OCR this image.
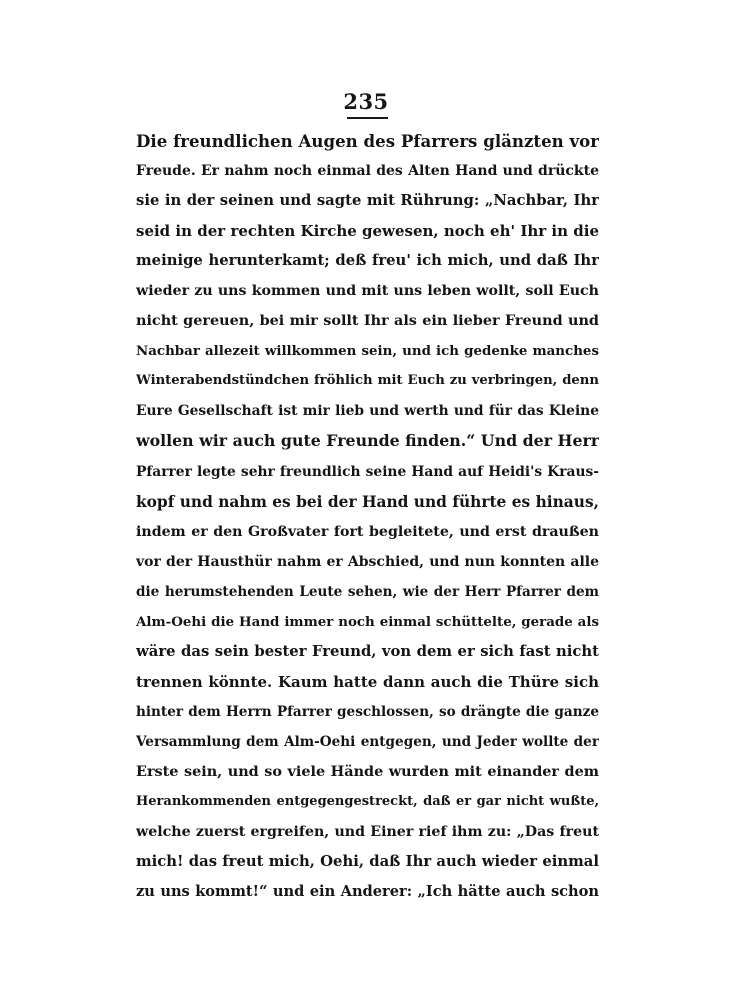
235
Die freundlichen Augen des Pfarrers glänzten vor
Freude. Er nahm noch einmal des Alten Hand und drückte
sie in der seinen und sagte mit Rührung: „Nachbar, Ihr
seid in der rechten Kirche gewesen, noch eh' Ihr in die
meinige herunterkamt; deß freu' ich mich, und daß Ihr
wieder zu uns kommen und mit uns leben wollt, soll Euch
nicht gereuen, bei mir sollt Ihr als ein lieber Freund und
Nachbar allezeit willkommen sein, und ich gedenke manches
Winterabendstündchen fröhlich mit Euch zu verbringen, denn
Eure Gesellschaft ist mir lieb und werth und für das Kleine
wollen wir auch gute Freunde finden.“ Und der Herr
Pfarrer legte sehr freundlich seine Hand auf Heidi's Kraus-
kopf und nahm es bei der Hand und führte es hinaus,
indem er den Großvater fort begleitete, und erst draußen
vor der Hausthür nahm er Abschied, und nun konnten alle
die herumstehenden Leute sehen, wie der Herr Pfarrer dem
Alm-Oehi die Hand immer noch einmal schüttelte, gerade als
wäre das sein bester Freund, von dem er sich fast nicht
trennen könnte. Kaum hatte dann auch die Thüre sich
hinter dem Herrn Pfarrer geschlossen, so drängte die ganze
Versammlung dem Alm-Oehi entgegen, und Jeder wollte der
Erste sein, und so viele Hände wurden mit einander dem
Herankommenden entgegengestreckt, daß er gar nicht wußte,
welche zuerst ergreifen, und Einer rief ihm zu: „Das freut
mich! das freut mich, Oehi, daß Ihr auch wieder einmal
zu uns kommt!“ und ein Anderer: „Ich hätte auch schon
